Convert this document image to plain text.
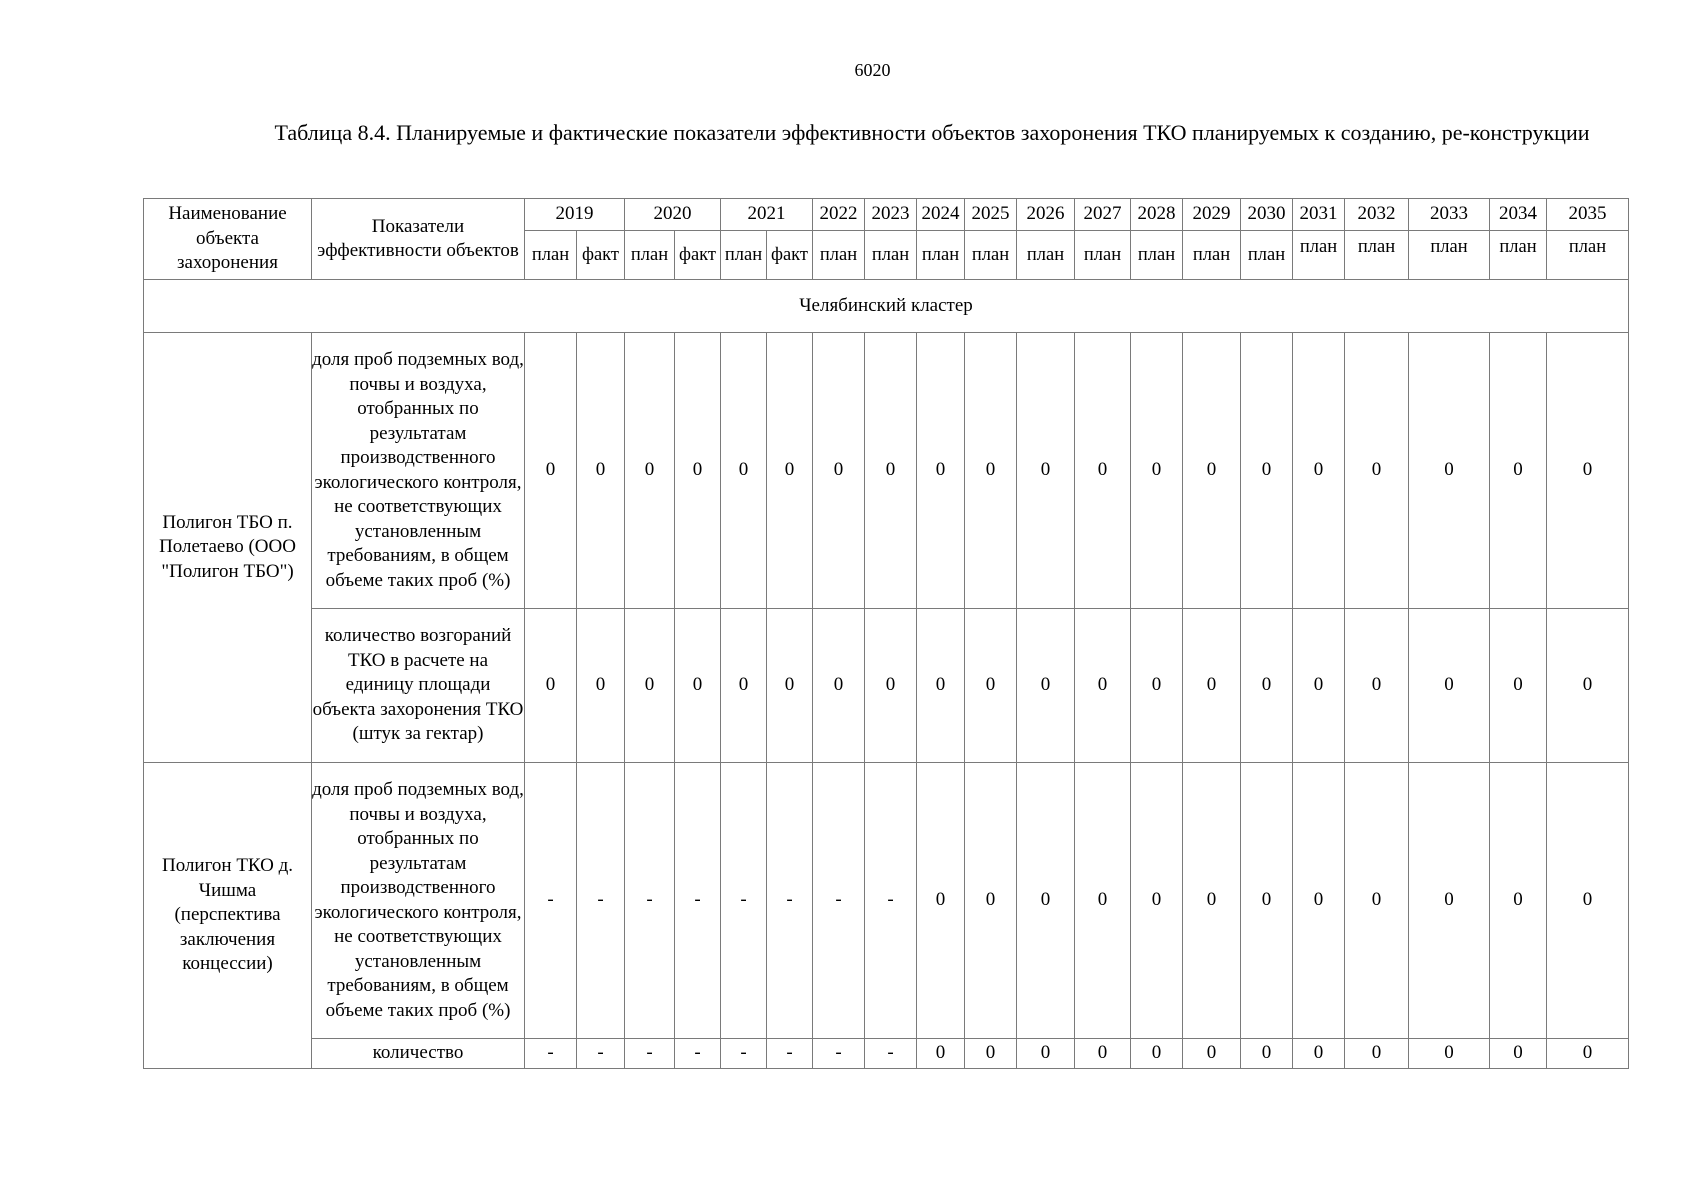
6020
Таблица 8.4. Планируемые и фактические показатели эффективности объектов захоронения ТКО планируемых к созданию, ре-конструкции
Наименование объекта захоронения	Показатели эффективности объектов	2019		2020		2021		2022	2023	2024	2025	2026	2027	2028	2029	2030	2031	2032	2033	2034	2035
		план	факт	план	факт	план	факт	план	план	план	план	план	план	план	план	план	план	план	план	план	план
Челябинский кластер																					
Полигон ТБО п. Полетаево (ООО "Полигон ТБО")	доля проб подземных вод, почвы и воздуха, отобранных по результатам производственного экологического контроля, не соответствующих установленным требованиям, в общем объеме таких проб (%)	0	0	0	0	0	0	0	0	0	0	0	0	0	0	0	0	0	0	0	0
	количество возгораний ТКО в расчете на единицу площади объекта захоронения ТКО (штук за гектар)	0	0	0	0	0	0	0	0	0	0	0	0	0	0	0	0	0	0	0	0
Полигон ТКО д. Чишма (перспектива заключения концессии)	доля проб подземных вод, почвы и воздуха, отобранных по результатам производственного экологического контроля, не соответствующих установленным требованиям, в общем объеме таких проб (%)	-	-	-	-	-	-	-	-	0	0	0	0	0	0	0	0	0	0	0	0
	количество	-	-	-	-	-	-	-	-	0	0	0	0	0	0	0	0	0	0	0	0
